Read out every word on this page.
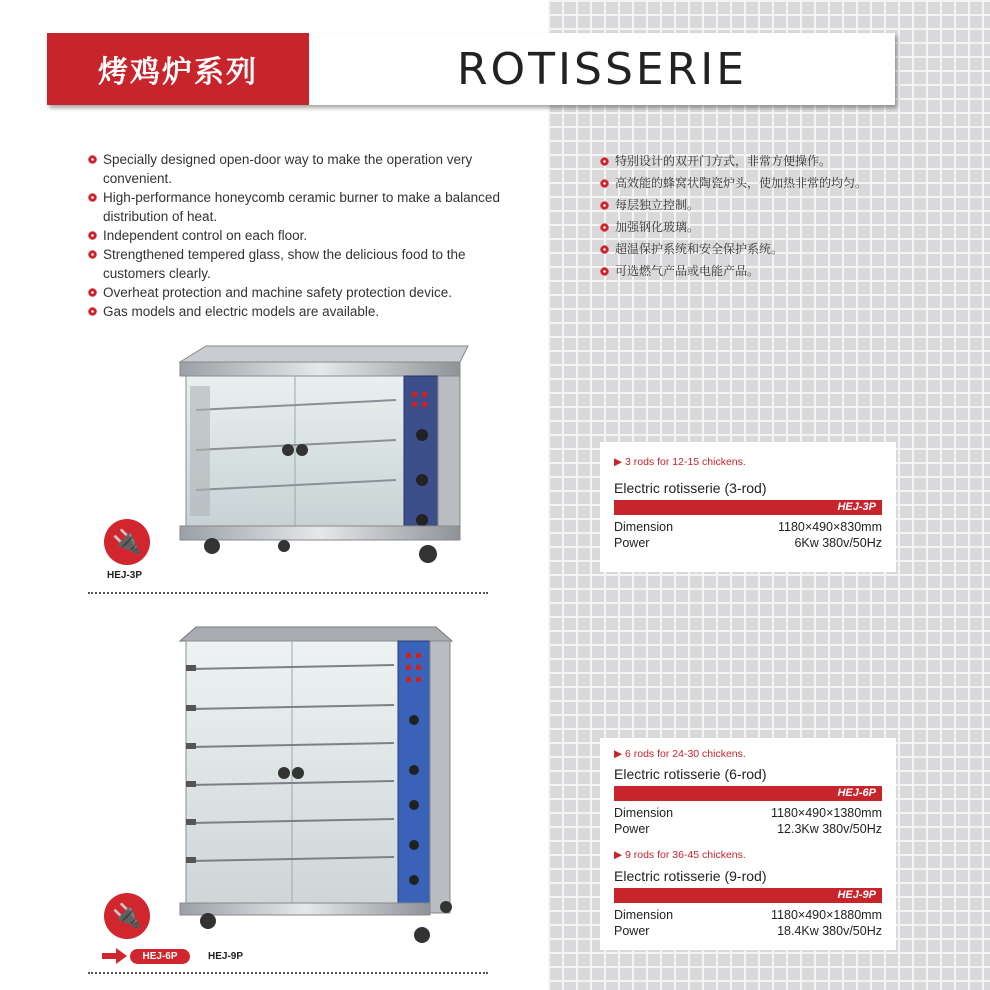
烤鸡炉系列	ROTISSERIE
Specially designed open-door way to make the operation very convenient.
High-performance honeycomb ceramic burner to make a balanced distribution of heat.
Independent control on each floor.
Strengthened tempered glass, show the delicious food to the customers clearly.
Overheat protection and machine safety protection device.
Gas models and electric models are available.
特别设计的双开门方式，非常方便操作。
高效能的蜂窝状陶瓷炉头，使加热非常的均匀。
每层独立控制。
加强钢化玻璃。
超温保护系统和安全保护系统。
可选燃气产品或电能产品。
🔌
HEJ-3P
🔌
HEJ-6P	HEJ-9P
▶ 3 rods for 12-15 chickens.
Electric rotisserie (3-rod)
HEJ-3P
Dimension	1180×490×830mm
Power	6Kw 380v/50Hz
▶ 6 rods for 24-30 chickens.
Electric rotisserie (6-rod)
HEJ-6P
Dimension	1180×490×1380mm
Power	12.3Kw 380v/50Hz
▶ 9 rods for 36-45 chickens.
Electric rotisserie (9-rod)
HEJ-9P
Dimension	1180×490×1880mm
Power	18.4Kw 380v/50Hz
